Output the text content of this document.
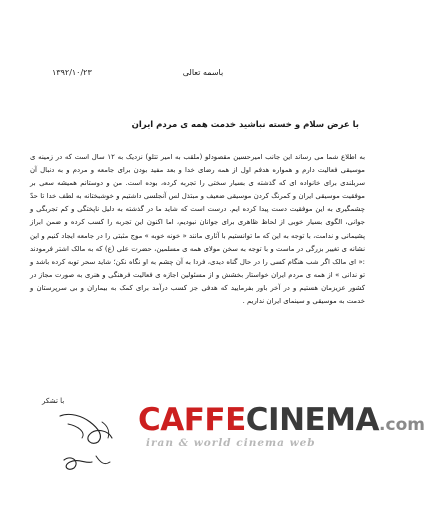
۱۳۹۲/۱۰/۲۳	باسمه تعالی
با عرض سلام و خسته نباشید خدمت همه ی مردم ایران
به اطلاع شما می رساند این جانب امیرحسین مقصودلو (ملقب به امیر تتلو) نزدیک به ۱۲ سال است که در زمینه ی موسیقی فعالیت دارم و همواره هدفم اول از همه رضای خدا و بعد مفید بودن برای جامعه و مردم و به دنبال آن سربلندی برای خانواده ای که گذشته ی بسیار سختی را تجربه کرده، بوده است. من و دوستانم همیشه سعی بر موفقیت موسیقی ایران و کمرنگ کردن موسیقی ضعیف و مبتذل لس آنجلسی داشتیم و خوشبختانه به لطف خدا تا حدّ چشمگیری به این موفقیت دست پیدا کرده ایم. درست است که شاید ما در گذشته به دلیل ناپختگی و کم تجربگی و جوانی، الگوی بسیار خوبی از لحاظ ظاهری برای جوانان نبودیم، اما اکنون این تجربه را کسب کرده و ضمن ابراز پشیمانی و ندامت، با توجه به این که ما توانستیم با آثاری مانند « خونه خوبه » موج مثبتی را در جامعه ایجاد کنیم و این نشانه ی تغییر بزرگی در ماست و با توجه به سخن مولای همه ی مسلمین، حضرت علی (ع) که به مالک اشتر فرمودند :« ای مالک اگر شب هنگام کسی را در حال گناه دیدی، فردا به آن چشم به او نگاه نکن؛ شاید سحر توبه کرده باشد و تو ندانی » از همه ی مردم ایران خواستار بخشش و از مسئولین اجازه ی فعالیت فرهنگی و هنری به صورت مجاز در کشور عزیزمان هستیم و در آخر باور بفرمایید که هدفی جز کسب درآمد برای کمک به بیماران و بی سرپرستان و خدمت به موسیقی و سینمای ایران نداریم .
با تشکر
CAFFECINEMA.com
iran & world cinema web
